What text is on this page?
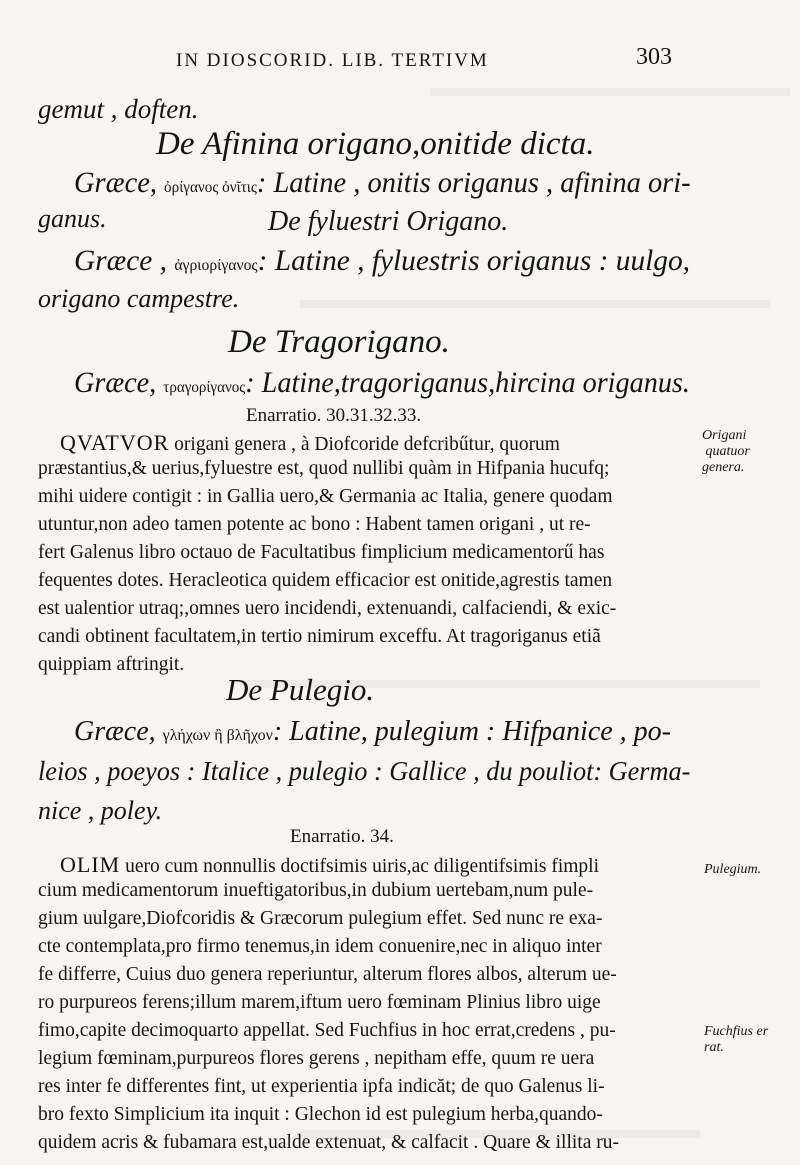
IN DIOSCORID. LIB. TERTIVM	303
gemut , doften.
De Afinina origano,onitide dicta.
Græce, ὀρίγανος ὀνῖτις: Latine , onitis origanus , afinina ori-
ganus.	De fyluestri Origano.
Græce , ἀγριορίγανος: Latine , fyluestris origanus : uulgo,
origano campestre.
De Tragorigano.
Græce, τραγορίγανος: Latine,tragoriganus,hircina origanus.
Enarratio. 30.31.32.33.
QVATVOR origani genera , à Diofcoride defcribűtur, quorum
præstantius,& uerius,fyluestre est, quod nullibi quàm in Hifpania hucufq;
mihi uidere contigit : in Gallia uero,& Germania ac Italia, genere quodam
utuntur,non adeo tamen potente ac bono : Habent tamen origani , ut re-
fert Galenus libro octauo de Facultatibus fimplicium medicamentorű has
fequentes dotes. Heracleotica quidem efficacior est onitide,agrestis tamen
est ualentior utraq;,omnes uero incidendi, extenuandi, calfaciendi, & exic-
candi obtinent facultatem,in tertio nimirum exceffu. At tragoriganus etiã
quippiam aftringit.
De Pulegio.
Græce, γλήχων ἢ βλῆχον: Latine, pulegium : Hifpanice , po-
leios , poeyos : Italice , pulegio : Gallice , du pouliot: Germa-
nice , poley.
Enarratio. 34.
OLIM uero cum nonnullis doctifsimis uiris,ac diligentifsimis fimpli
cium medicamentorum inueftigatoribus,in dubium uertebam,num pule-
gium uulgare,Diofcoridis & Græcorum pulegium effet. Sed nunc re exa-
cte contemplata,pro firmo tenemus,in idem conuenire,nec in aliquo inter
fe differre, Cuius duo genera reperiuntur, alterum flores albos, alterum ue-
ro purpureos ferens;illum marem,iftum uero fœminam Plinius libro uige
fimo,capite decimoquarto appellat. Sed Fuchfius in hoc errat,credens , pu-
legium fœminam,purpureos flores gerens , nepitham effe, quum re uera
res inter fe differentes fint, ut experientia ipfa indicăt; de quo Galenus li-
bro fexto Simplicium ita inquit : Glechon id est pulegium herba,quando-
quidem acris & fubamara est,ualde extenuat, & calfacit . Quare & illita ru-
Origani
quatuor
genera.
Pulegium.
Fuchfius er
rat.
